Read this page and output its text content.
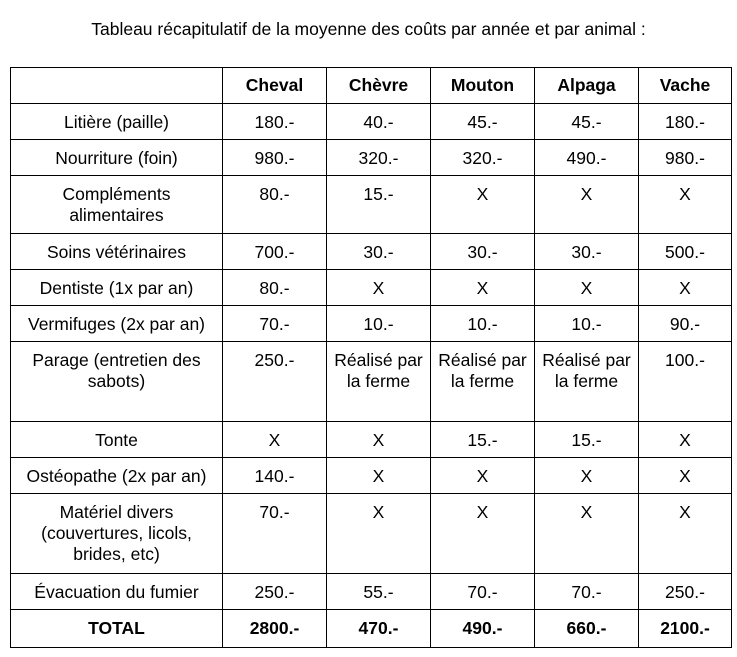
Tableau récapitulatif de la moyenne des coûts par année et par animal :
	Cheval	Chèvre	Mouton	Alpaga	Vache
Litière (paille)	180.-	40.-	45.-	45.-	180.-
Nourriture (foin)	980.-	320.-	320.-	490.-	980.-
Compléments alimentaires	80.-	15.-	X	X	X
Soins vétérinaires	700.-	30.-	30.-	30.-	500.-
Dentiste (1x par an)	80.-	X	X	X	X
Vermifuges (2x par an)	70.-	10.-	10.-	10.-	90.-
Parage (entretien des sabots)	250.-	Réalisé par la ferme	Réalisé par la ferme	Réalisé par la ferme	100.-
Tonte	X	X	15.-	15.-	X
Ostéopathe (2x par an)	140.-	X	X	X	X
Matériel divers (couvertures, licols, brides, etc)	70.-	X	X	X	X
Évacuation du fumier	250.-	55.-	70.-	70.-	250.-
TOTAL	2800.-	470.-	490.-	660.-	2100.-
